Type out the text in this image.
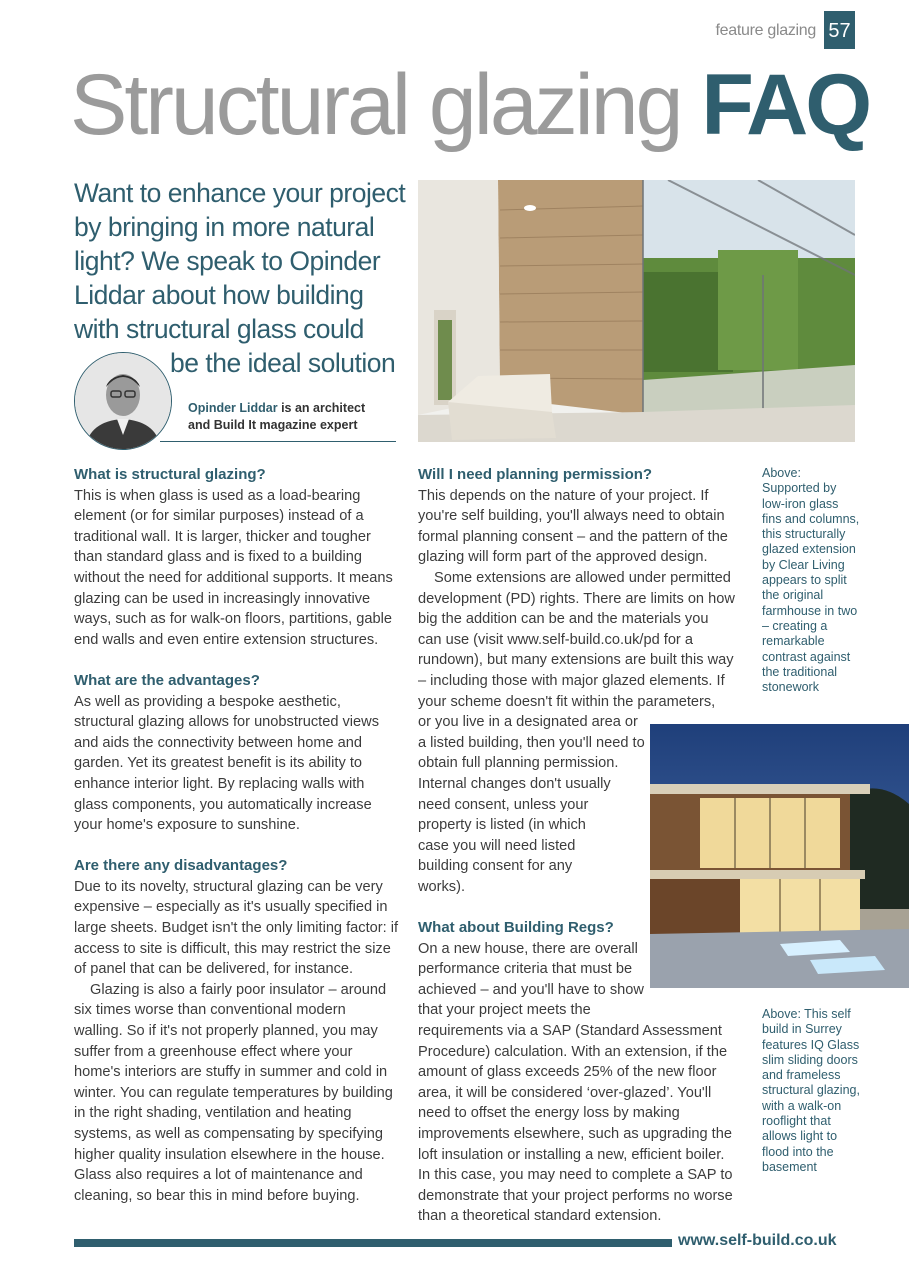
feature glazing 57
Structural glazing FAQ
Want to enhance your project
by bringing in more natural
light? We speak to Opinder
Liddar about how building
with structural glass could
be the ideal solution
Opinder Liddar is an architect
and Build It magazine expert
Above: Supported by low-iron glass fins and columns, this structurally glazed extension by Clear Living appears to split the original farmhouse in two – creating a remarkable contrast against the traditional stonework
Above: This self build in Surrey features IQ Glass slim sliding doors and frameless structural glazing, with a walk-on rooflight that allows light to flood into the basement
What is structural glazing?

This is when glass is used as a load-bearing element (or for similar purposes) instead of a traditional wall. It is larger, thicker and tougher than standard glass and is fixed to a building without the need for additional supports. It means glazing can be used in increasingly innovative ways, such as for walk-on floors, partitions, gable end walls and even entire extension structures.

What are the advantages?

As well as providing a bespoke aesthetic, structural glazing allows for unobstructed views and aids the connectivity between home and garden. Yet its greatest benefit is its ability to enhance interior light. By replacing walls with glass components, you automatically increase your home's exposure to sunshine.

Are there any disadvantages?

Due to its novelty, structural glazing can be very expensive – especially as it's usually specified in large sheets. Budget isn't the only limiting factor: if access to site is difficult, this may restrict the size of panel that can be delivered, for instance.

Glazing is also a fairly poor insulator – around six times worse than conventional modern walling. So if it's not properly planned, you may suffer from a greenhouse effect where your home's interiors are stuffy in summer and cold in winter. You can regulate temperatures by building in the right shading, ventilation and heating systems, as well as compensating by specifying higher quality insulation elsewhere in the house. Glass also requires a lot of maintenance and cleaning, so bear this in mind before buying.

Will I need planning permission?

This depends on the nature of your project. If you're self building, you'll always need to obtain formal planning consent – and the pattern of the glazing will form part of the approved design.

Some extensions are allowed under permitted development (PD) rights. There are limits on how big the addition can be and the materials you can use (visit www.self-build.co.uk/pd for a rundown), but many extensions are built this way – including those with major glazed elements. If your scheme doesn't fit within the parameters,

or you live in a designated area or a listed building, then you'll need to obtain full planning permission.

Internal changes don't usually need consent, unless your property is listed (in which case you will need listed building consent for any works).

What about Building Regs?

On a new house, there are overall performance criteria that must be achieved – and you'll have to show that your project meets the

requirements via a SAP (Standard Assessment Procedure) calculation. With an extension, if the amount of glass exceeds 25% of the new floor area, it will be considered ‘over-glazed’. You'll need to offset the energy loss by making improvements elsewhere, such as upgrading the loft insulation or installing a new, efficient boiler. In this case, you may need to complete a SAP to demonstrate that your project performs no worse than a theoretical standard extension.

www.self-build.co.uk
